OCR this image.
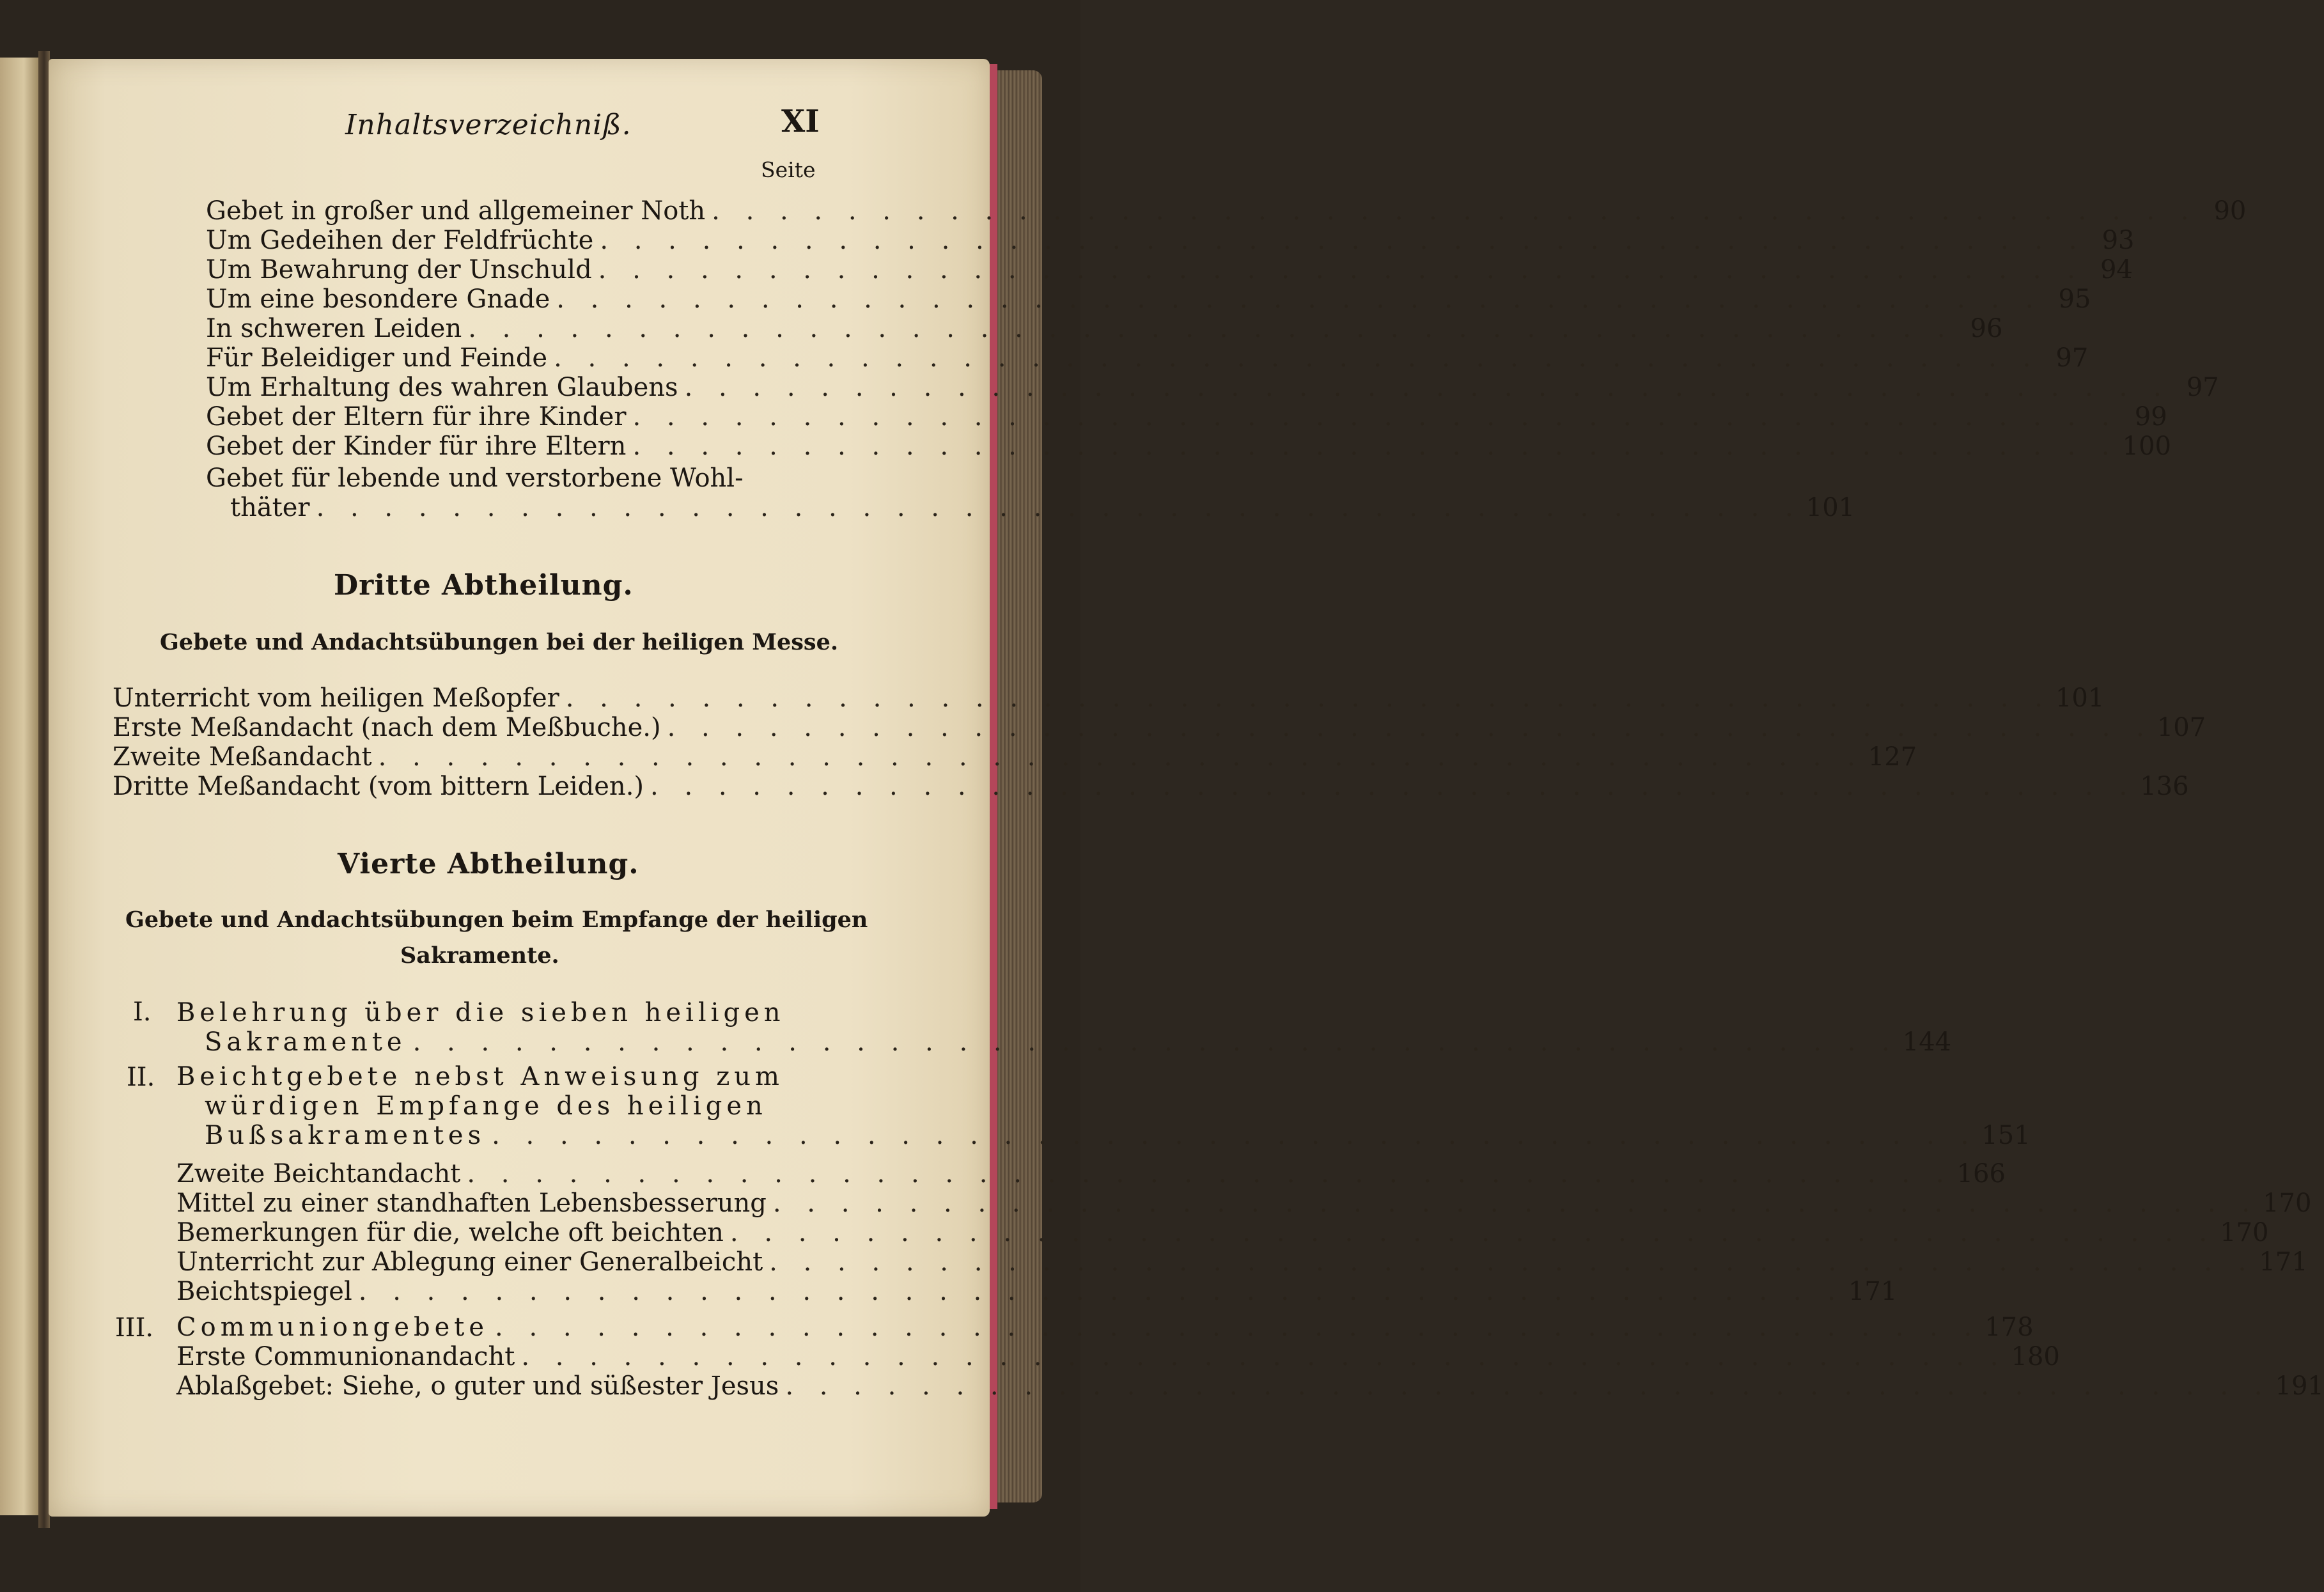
Inhaltsverzeichniß.	XI
Seite
Gebet in großer und allgemeiner Noth . . . . . . . . . . . . . . . . . . . . . . . . . . . . . . . . . . . . . . . . . . . . 90
Um Gedeihen der Feldfrüchte . . . . . . . . . . . . . . . . . . . . . . . . . . . . . . . . . . . . . . . . . . . . 93
Um Bewahrung der Unschuld . . . . . . . . . . . . . . . . . . . . . . . . . . . . . . . . . . . . . . . . . . . . 94
Um eine besondere Gnade . . . . . . . . . . . . . . . . . . . . . . . . . . . . . . . . . . . . . . . . . . . . 95
In schweren Leiden . . . . . . . . . . . . . . . . . . . . . . . . . . . . . . . . . . . . . . . . . . . . 96
Für Beleidiger und Feinde . . . . . . . . . . . . . . . . . . . . . . . . . . . . . . . . . . . . . . . . . . . . 97
Um Erhaltung des wahren Glaubens . . . . . . . . . . . . . . . . . . . . . . . . . . . . . . . . . . . . . . . . . . . . 97
Gebet der Eltern für ihre Kinder . . . . . . . . . . . . . . . . . . . . . . . . . . . . . . . . . . . . . . . . . . . . 99
Gebet der Kinder für ihre Eltern . . . . . . . . . . . . . . . . . . . . . . . . . . . . . . . . . . . . . . . . . . . . 100
Gebet für lebende und verstorbene Wohl-
thäter . . . . . . . . . . . . . . . . . . . . . . . . . . . . . . . . . . . . . . . . . . . . 101
Dritte Abtheilung.
Gebete und Andachtsübungen bei der heiligen Messe.
Unterricht vom heiligen Meßopfer . . . . . . . . . . . . . . . . . . . . . . . . . . . . . . . . . . . . . . . . . . . . 101
Erste Meßandacht (nach dem Meßbuche.) . . . . . . . . . . . . . . . . . . . . . . . . . . . . . . . . . . . . . . . . . . . . 107
Zweite Meßandacht . . . . . . . . . . . . . . . . . . . . . . . . . . . . . . . . . . . . . . . . . . . . 127
Dritte Meßandacht (vom bittern Leiden.) . . . . . . . . . . . . . . . . . . . . . . . . . . . . . . . . . . . . . . . . . . . . 136
Vierte Abtheilung.
Gebete und Andachtsübungen beim Empfange der heiligen
Sakramente.
I. Belehrung über die sieben heiligen
Sakramente . . . . . . . . . . . . . . . . . . . . . . . . . . . . . . . . . . . . . . . . . . . . 144
II. Beichtgebete nebst Anweisung zum
würdigen Empfange des heiligen
Bußsakramentes . . . . . . . . . . . . . . . . . . . . . . . . . . . . . . . . . . . . . . . . . . . . 151
Zweite Beichtandacht . . . . . . . . . . . . . . . . . . . . . . . . . . . . . . . . . . . . . . . . . . . . 166
Mittel zu einer standhaften Lebensbesserung . . . . . . . . . . . . . . . . . . . . . . . . . . . . . . . . . . . . . . . . . . . . 170
Bemerkungen für die, welche oft beichten . . . . . . . . . . . . . . . . . . . . . . . . . . . . . . . . . . . . . . . . . . . . 170
Unterricht zur Ablegung einer Generalbeicht . . . . . . . . . . . . . . . . . . . . . . . . . . . . . . . . . . . . . . . . . . . . 171
Beichtspiegel . . . . . . . . . . . . . . . . . . . . . . . . . . . . . . . . . . . . . . . . . . . . 171
III. Communiongebete . . . . . . . . . . . . . . . . . . . . . . . . . . . . . . . . . . . . . . . . . . . . 178
Erste Communionandacht . . . . . . . . . . . . . . . . . . . . . . . . . . . . . . . . . . . . . . . . . . . . 180
Ablaßgebet: Siehe, o guter und süßester Jesus . . . . . . . . . . . . . . . . . . . . . . . . . . . . . . . . . . . . . . . . . . . . 191
